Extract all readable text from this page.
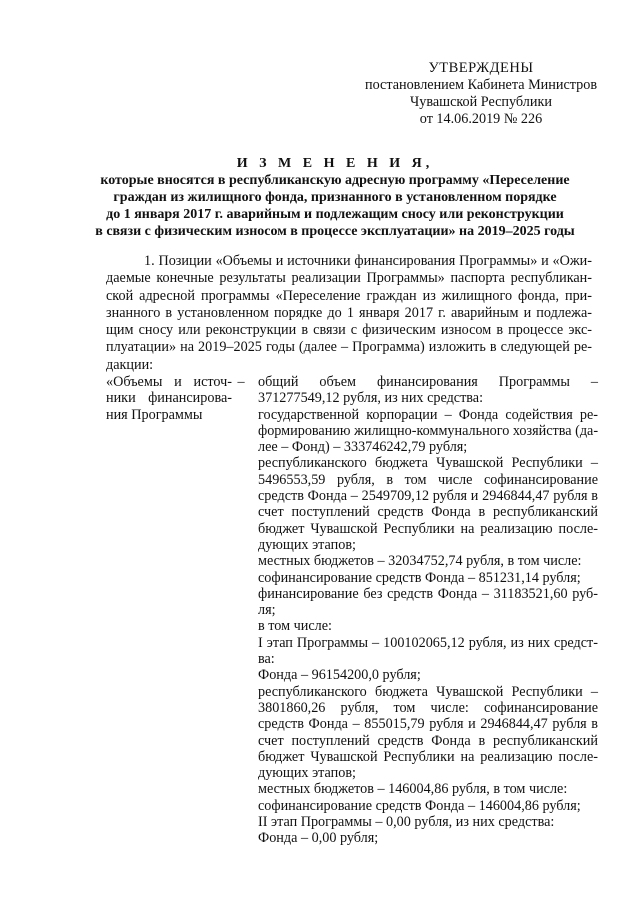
УТВЕРЖДЕНЫ
постановлением Кабинета Министров
Чувашской Республики
от 14.06.2019 № 226
И З М Е Н Е Н И Я,
которые вносятся в республиканскую адресную программу «Переселение
граждан из жилищного фонда, признанного в установленном порядке
до 1 января 2017 г. аварийным и подлежащим сносу или реконструкции
в связи с физическим износом в процессе эксплуатации» на 2019–2025 годы
1. Позиции «Объемы и источники финансирования Программы» и «Ожи-
даемые конечные результаты реализации Программы» паспорта республикан-
ской адресной программы «Переселение граждан из жилищного фонда, при-
знанного в установленном порядке до 1 января 2017 г. аварийным и подлежа-
щим сносу или реконструкции в связи с физическим износом в процессе экс-
плуатации» на 2019–2025 годы (далее – Программа) изложить в следующей ре-
дакции:
«Объемы и источ-
ники финансирова-
ния Программы
– общий объем финансирования Программы –
371277549,12 рубля, из них средства:
государственной корпорации – Фонда содействия ре-
формированию жилищно-коммунального хозяйства (да-
лее – Фонд) – 333746242,79 рубля;
республиканского бюджета Чувашской Республики –
5496553,59 рубля, в том числе софинансирование
средств Фонда – 2549709,12 рубля и 2946844,47 рубля в
счет поступлений средств Фонда в республиканский
бюджет Чувашской Республики на реализацию после-
дующих этапов;
местных бюджетов – 32034752,74 рубля, в том числе:
софинансирование средств Фонда – 851231,14 рубля;
финансирование без средств Фонда – 31183521,60 руб-
ля;
в том числе:
I этап Программы – 100102065,12 рубля, из них средст-
ва:
Фонда – 96154200,0 рубля;
республиканского бюджета Чувашской Республики –
3801860,26 рубля, том числе: софинансирование
средств Фонда – 855015,79 рубля и 2946844,47 рубля в
счет поступлений средств Фонда в республиканский
бюджет Чувашской Республики на реализацию после-
дующих этапов;
местных бюджетов – 146004,86 рубля, в том числе:
софинансирование средств Фонда – 146004,86 рубля;
II этап Программы – 0,00 рубля, из них средства:
Фонда – 0,00 рубля;
